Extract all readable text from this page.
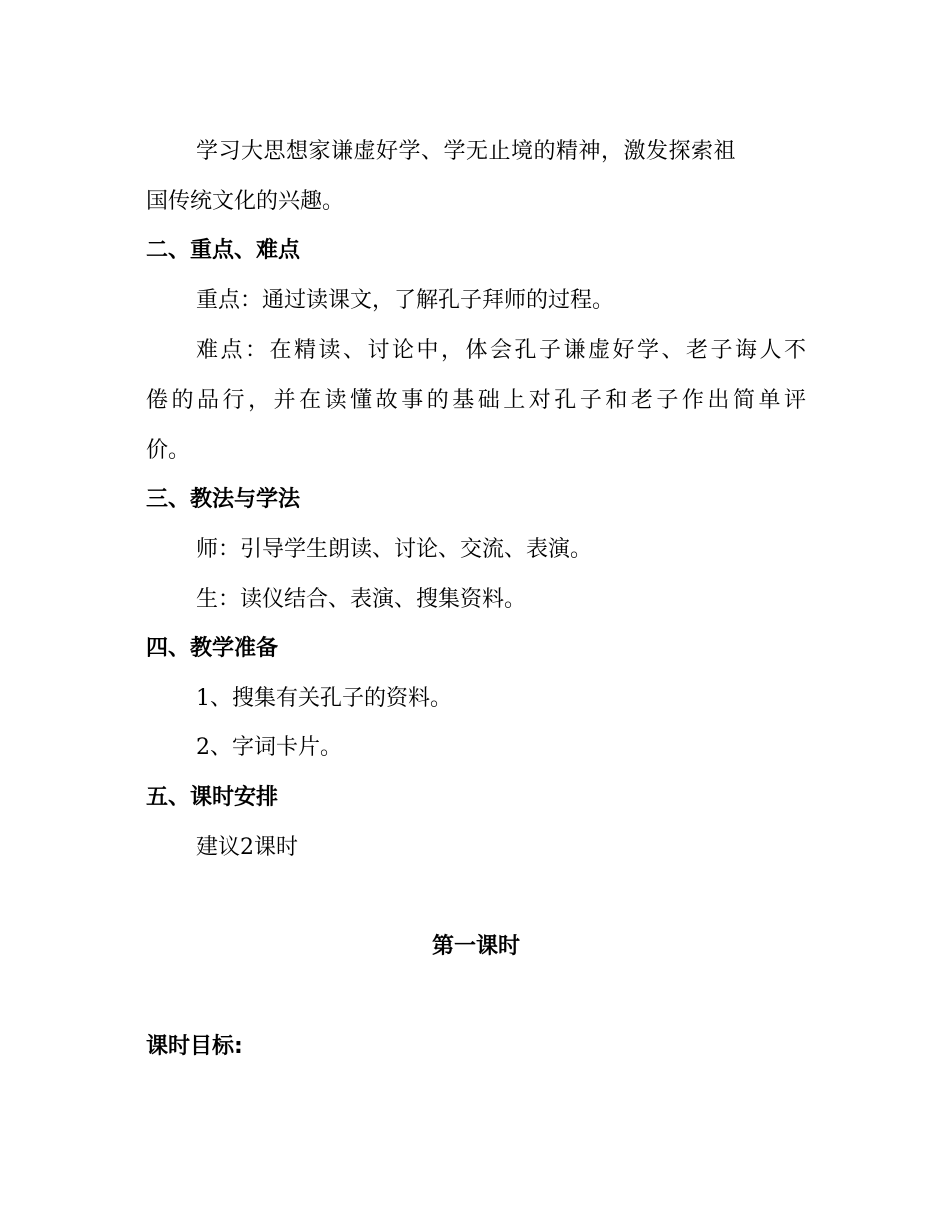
学习大思想家谦虚好学、学无止境的精神，激发探索祖
国传统文化的兴趣。
二、重点、难点
重点：通过读课文，了解孔子拜师的过程。
难点：在精读、讨论中，体会孔子谦虚好学、老子诲人不
倦的品行，并在读懂故事的基础上对孔子和老子作出简单评
价。
三、教法与学法
师：引导学生朗读、讨论、交流、表演。
生：读仪结合、表演、搜集资料。
四、教学准备
1、搜集有关孔子的资料。
2、字词卡片。
五、课时安排
建议2课时
第一课时
课时目标:
